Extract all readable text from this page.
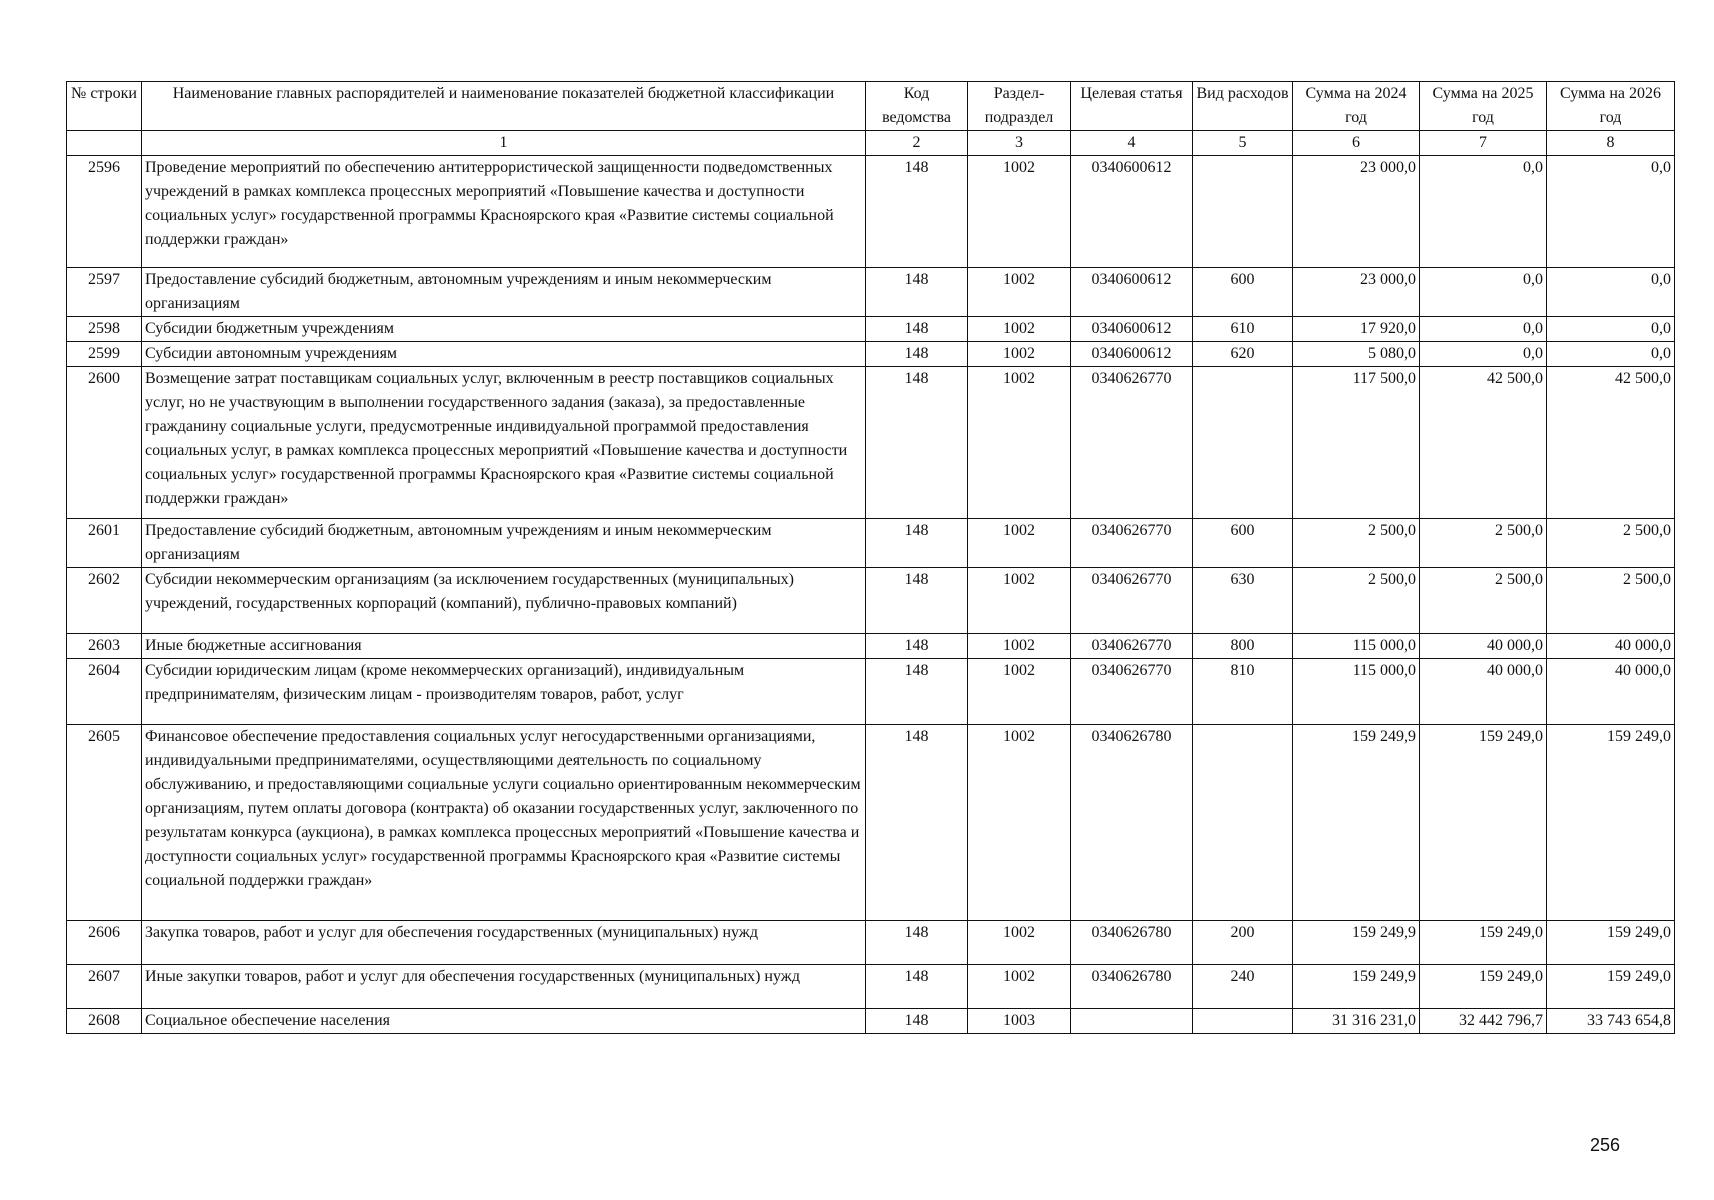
№ строки	Наименование главных распорядителей и наименование показателей бюджетной классификации	Код ведомства	Раздел-подраздел	Целевая статья	Вид расходов	Сумма на 2024 год	Сумма на 2025 год	Сумма на 2026 год
	1	2	3	4	5	6	7	8
2596	Проведение мероприятий по обеспечению антитеррористической защищенности подведомственных учреждений в рамках комплекса процессных мероприятий «Повышение качества и доступности социальных услуг» государственной программы Красноярского края «Развитие системы социальной поддержки граждан»	148	1002	0340600612		23 000,0	0,0	0,0
2597	Предоставление субсидий бюджетным, автономным учреждениям и иным некоммерческим организациям	148	1002	0340600612	600	23 000,0	0,0	0,0
2598	Субсидии бюджетным учреждениям	148	1002	0340600612	610	17 920,0	0,0	0,0
2599	Субсидии автономным учреждениям	148	1002	0340600612	620	5 080,0	0,0	0,0
2600	Возмещение затрат поставщикам социальных услуг, включенным в реестр поставщиков социальных услуг, но не участвующим в выполнении государственного задания (заказа), за предоставленные гражданину социальные услуги, предусмотренные индивидуальной программой предоставления социальных услуг, в рамках комплекса процессных мероприятий «Повышение качества и доступности социальных услуг» государственной программы Красноярского края «Развитие системы социальной поддержки граждан»	148	1002	0340626770		117 500,0	42 500,0	42 500,0
2601	Предоставление субсидий бюджетным, автономным учреждениям и иным некоммерческим организациям	148	1002	0340626770	600	2 500,0	2 500,0	2 500,0
2602	Субсидии некоммерческим организациям (за исключением государственных (муниципальных) учреждений, государственных корпораций (компаний), публично-правовых компаний)	148	1002	0340626770	630	2 500,0	2 500,0	2 500,0
2603	Иные бюджетные ассигнования	148	1002	0340626770	800	115 000,0	40 000,0	40 000,0
2604	Субсидии юридическим лицам (кроме некоммерческих организаций), индивидуальным предпринимателям, физическим лицам - производителям товаров, работ, услуг	148	1002	0340626770	810	115 000,0	40 000,0	40 000,0
2605	Финансовое обеспечение предоставления социальных услуг негосударственными организациями, индивидуальными предпринимателями, осуществляющими деятельность по социальному обслуживанию, и предоставляющими социальные услуги социально ориентированным некоммерческим организациям, путем оплаты договора (контракта) об оказании государственных услуг, заключенного по результатам конкурса (аукциона), в рамках комплекса процессных мероприятий «Повышение качества и доступности социальных услуг» государственной программы Красноярского края «Развитие системы социальной поддержки граждан»	148	1002	0340626780		159 249,9	159 249,0	159 249,0
2606	Закупка товаров, работ и услуг для обеспечения государственных (муниципальных) нужд	148	1002	0340626780	200	159 249,9	159 249,0	159 249,0
2607	Иные закупки товаров, работ и услуг для обеспечения государственных (муниципальных) нужд	148	1002	0340626780	240	159 249,9	159 249,0	159 249,0
2608	Социальное обеспечение населения	148	1003			31 316 231,0	32 442 796,7	33 743 654,8
256
